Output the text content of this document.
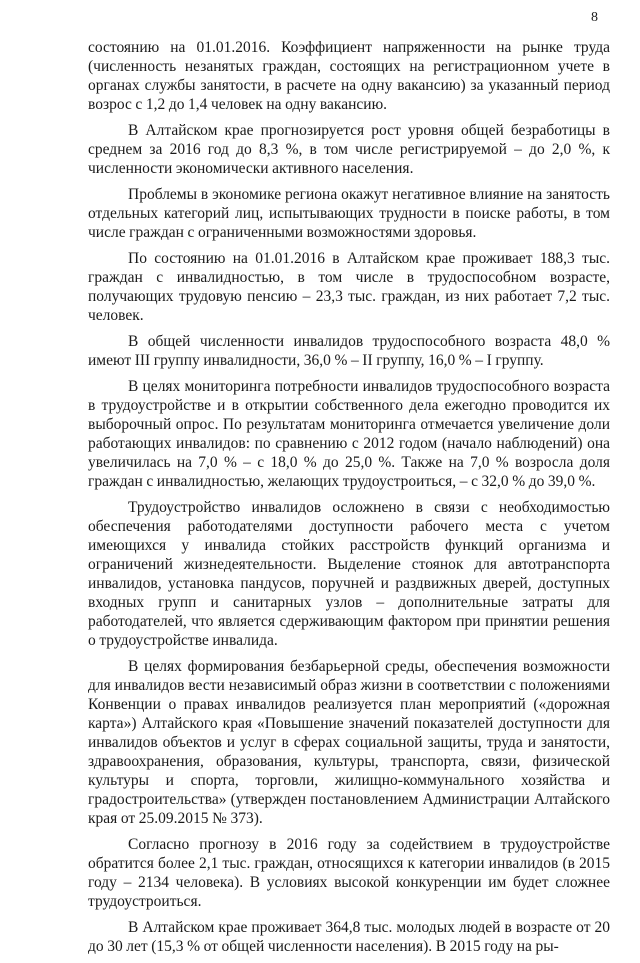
8

состоянию на 01.01.2016. Коэффициент напряженности на рынке труда (численность незанятых граждан, состоящих на регистрационном учете в органах службы занятости, в расчете на одну вакансию) за указанный период возрос с 1,2 до 1,4 человек на одну вакансию.

В Алтайском крае прогнозируется рост уровня общей безработицы в среднем за 2016 год до 8,3 %, в том числе регистрируемой – до 2,0 %, к численности экономически активного населения.

Проблемы в экономике региона окажут негативное влияние на занятость отдельных категорий лиц, испытывающих трудности в поиске работы, в том числе граждан с ограниченными возможностями здоровья.

По состоянию на 01.01.2016 в Алтайском крае проживает 188,3 тыс. граждан с инвалидностью, в том числе в трудоспособном возрасте, получающих трудовую пенсию – 23,3 тыс. граждан, из них работает 7,2 тыс. человек.

В общей численности инвалидов трудоспособного возраста 48,0 % имеют III группу инвалидности, 36,0 % – II группу, 16,0 % – I группу.

В целях мониторинга потребности инвалидов трудоспособного возраста в трудоустройстве и в открытии собственного дела ежегодно проводится их выборочный опрос. По результатам мониторинга отмечается увеличение доли работающих инвалидов: по сравнению с 2012 годом (начало наблюдений) она увеличилась на 7,0 % – с 18,0 % до 25,0 %. Также на 7,0 % возросла доля граждан с инвалидностью, желающих трудоустроиться, – с 32,0 % до 39,0 %.

Трудоустройство инвалидов осложнено в связи с необходимостью обеспечения работодателями доступности рабочего места с учетом имеющихся у инвалида стойких расстройств функций организма и ограничений жизнедеятельности. Выделение стоянок для автотранспорта инвалидов, установка пандусов, поручней и раздвижных дверей, доступных входных групп и санитарных узлов – дополнительные затраты для работодателей, что является сдерживающим фактором при принятии решения о трудоустройстве инвалида.

В целях формирования безбарьерной среды, обеспечения возможности для инвалидов вести независимый образ жизни в соответствии с положениями Конвенции о правах инвалидов реализуется план мероприятий («дорожная карта») Алтайского края «Повышение значений показателей доступности для инвалидов объектов и услуг в сферах социальной защиты, труда и занятости, здравоохранения, образования, культуры, транспорта, связи, физической культуры и спорта, торговли, жилищно-коммунального хозяйства и градостроительства» (утвержден постановлением Администрации Алтайского края от 25.09.2015 № 373).

Согласно прогнозу в 2016 году за содействием в трудоустройстве обратится более 2,1 тыс. граждан, относящихся к категории инвалидов (в 2015 году – 2134 человека). В условиях высокой конкуренции им будет сложнее трудоустроиться.

В Алтайском крае проживает 364,8 тыс. молодых людей в возрасте от 20 до 30 лет (15,3 % от общей численности населения). В 2015 году на ры-
